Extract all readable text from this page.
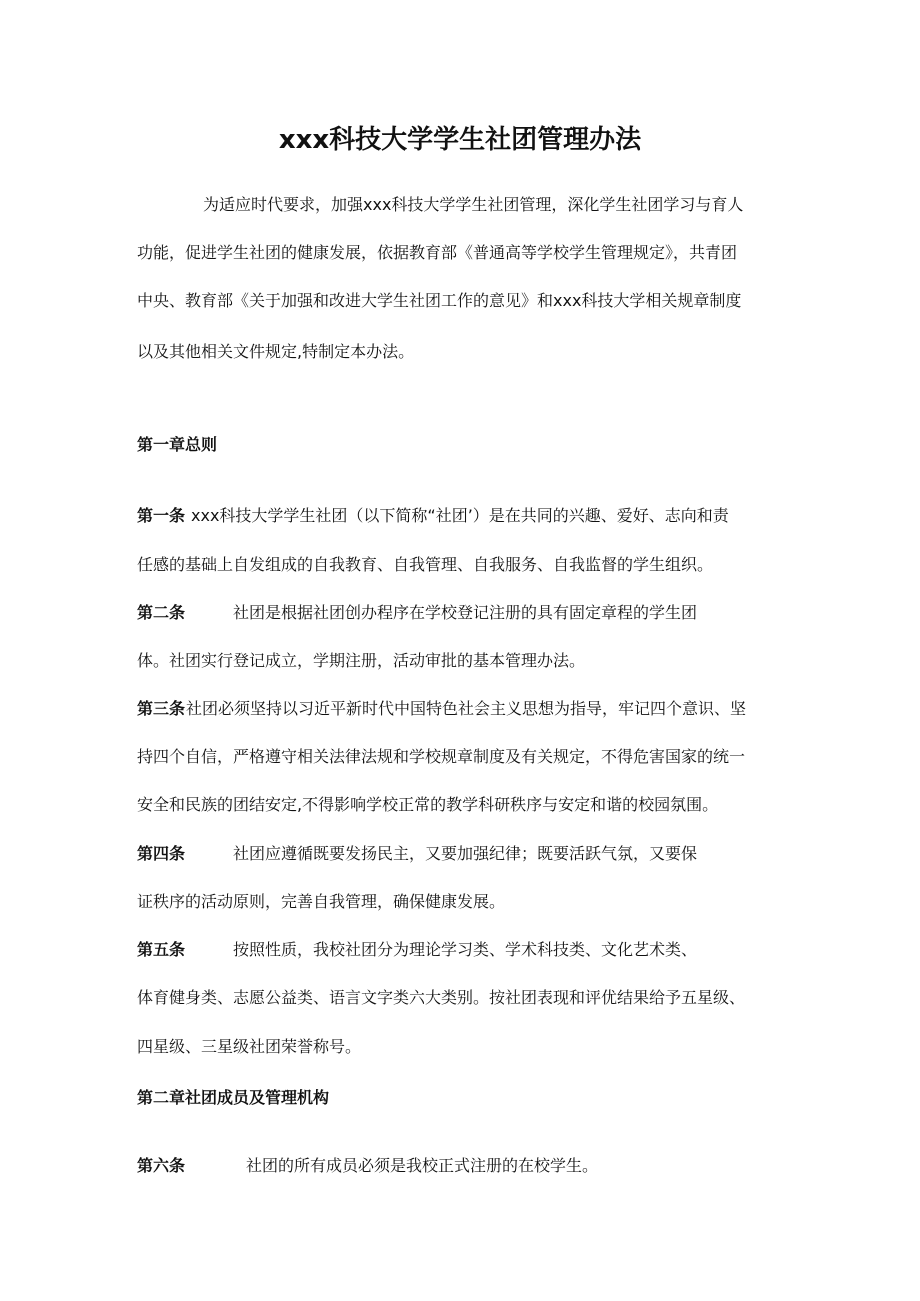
xxx科技大学学生社团管理办法
为适应时代要求，加强xxx科技大学学生社团管理，深化学生社团学习与育人
功能，促进学生社团的健康发展，依据教育部《普通高等学校学生管理规定》，共青团
中央、教育部《关于加强和改进大学生社团工作的意见》和xxx科技大学相关规章制度
以及其他相关文件规定,特制定本办法。
第一章总则
第一条 xxx科技大学学生社团（以下简称“社团’）是在共同的兴趣、爱好、志向和责
任感的基础上自发组成的自我教育、自我管理、自我服务、自我监督的学生组织。
第二条	社团是根据社团创办程序在学校登记注册的具有固定章程的学生团
体。社团实行登记成立，学期注册，活动审批的基本管理办法。
第三条 社团必须坚持以习近平新时代中国特色社会主义思想为指导，牢记四个意识、坚
持四个自信，严格遵守相关法律法规和学校规章制度及有关规定，不得危害国家的统一
安全和民族的团结安定,不得影响学校正常的教学科研秩序与安定和谐的校园氛围。
第四条	社团应遵循既要发扬民主，又要加强纪律；既要活跃气氛，又要保
证秩序的活动原则，完善自我管理，确保健康发展。
第五条	按照性质，我校社团分为理论学习类、学术科技类、文化艺术类、
体育健身类、志愿公益类、语言文字类六大类别。按社团表现和评优结果给予五星级、
四星级、三星级社团荣誉称号。
第二章社团成员及管理机构
第六条	社团的所有成员必须是我校正式注册的在校学生。
